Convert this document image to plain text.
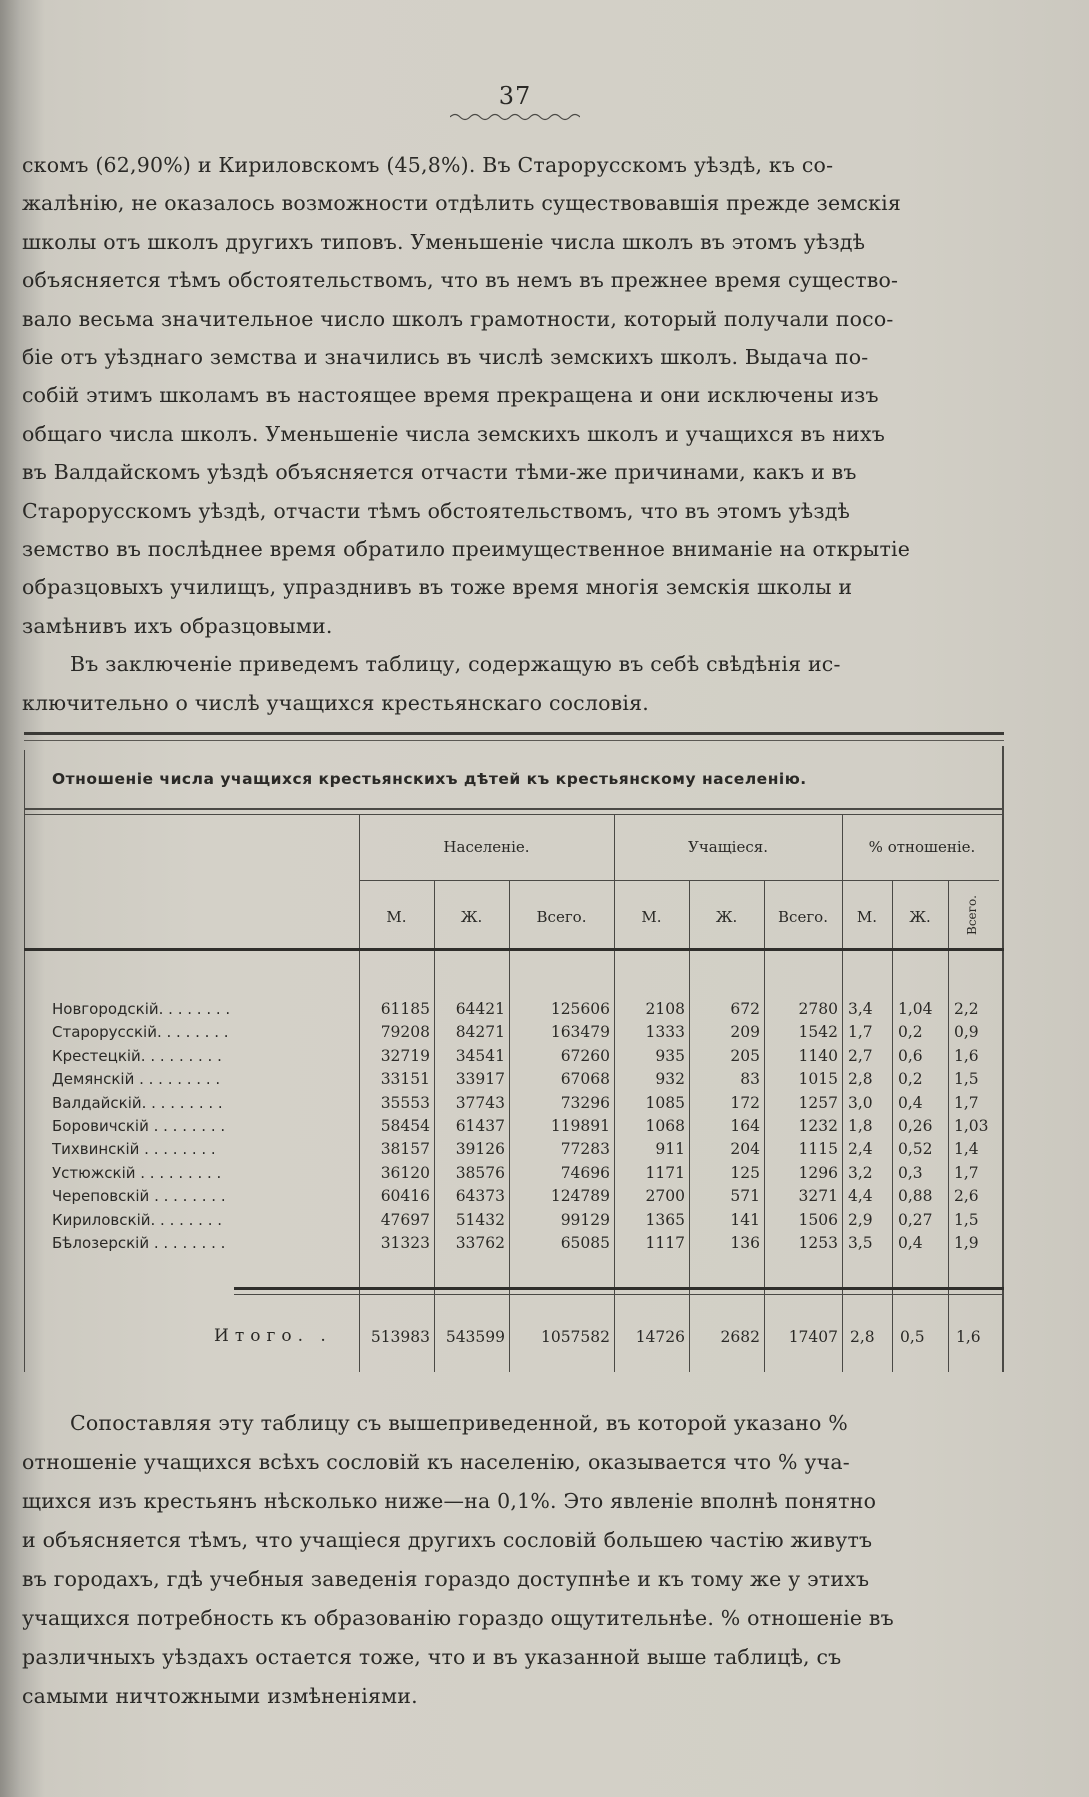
37

скомъ (62,90%) и Кириловскомъ (45,8%). Въ Старорусскомъ уѣздѣ, къ со-

жалѣнію, не оказалось возможности отдѣлить существовавшія прежде земскія

школы отъ школъ другихъ типовъ. Уменьшеніе числа школъ въ этомъ уѣздѣ

объясняется тѣмъ обстоятельствомъ, что въ немъ въ прежнее время существо-

вало весьма значительное число школъ грамотности, который получали посо-

біе отъ уѣзднаго земства и значились въ числѣ земскихъ школъ. Выдача по-

собій этимъ школамъ въ настоящее время прекращена и они исключены изъ

общаго числа школъ. Уменьшеніе числа земскихъ школъ и учащихся въ нихъ

въ Валдайскомъ уѣздѣ объясняется отчасти тѣми-же причинами, какъ и въ

Старорусскомъ уѣздѣ, отчасти тѣмъ обстоятельствомъ, что въ этомъ уѣздѣ

земство въ послѣднее время обратило преимущественное вниманіе на открытіе

образцовыхъ училищъ, упразднивъ въ тоже время многія земскія школы и

замѣнивъ ихъ образцовыми.

Въ заключеніе приведемъ таблицу, содержащую въ себѣ свѣдѣнія ис-

ключительно о числѣ учащихся крестьянскаго сословія.

Отношеніе числа учащихся крестьянскихъ дѣтей къ крестьянскому населенію.
Населеніе.	Учащіеся.	% отношеніе.
М.	Ж.	Всего.	М.	Ж.	Всего.	М.	Ж.	Всего.
Новгородскій. . . . . . . .	61185	64421	125606	2108	672	2780 3,4	1,04	2,2
Старорусскій. . . . . . . .	79208	84271	163479	1333	209	1542 1,7	0,2	0,9
Крестецкій. . . . . . . . .	32719	34541	67260	935	205	1140 2,7	0,6	1,6
Демянскій . . . . . . . . .	33151	33917	67068	932	83	1015 2,8	0,2	1,5
Валдайскій. . . . . . . . .	35553	37743	73296	1085	172	1257 3,0	0,4	1,7
Боровичскій . . . . . . . .	58454	61437	119891	1068	164	1232 1,8	0,26	1,03
Тихвинскій . . . . . . . .	38157	39126	77283	911	204	1115 2,4	0,52	1,4
Устюжскій . . . . . . . . .	36120	38576	74696	1171	125	1296 3,2	0,3	1,7
Череповскій . . . . . . . .	60416	64373	124789	2700	571	3271 4,4	0,88	2,6
Кириловскій. . . . . . . .	47697	51432	99129	1365	141	1506 2,9	0,27	1,5
Бѣлозерскій . . . . . . . .	31323	33762	65085	1117	136	1253 3,5	0,4	1,9
Итого. .	513983	543599	1057582	14726	2682	17407 2,8	0,5	1,6

Сопоставляя эту таблицу съ вышеприведенной, въ которой указано %

отношеніе учащихся всѣхъ сословій къ населенію, оказывается что % уча-

щихся изъ крестьянъ нѣсколько ниже—на 0,1%. Это явленіе вполнѣ понятно

и объясняется тѣмъ, что учащіеся другихъ сословій большею частію живутъ

въ городахъ, гдѣ учебныя заведенія гораздо доступнѣе и къ тому же у этихъ

учащихся потребность къ образованію гораздо ощутительнѣе. % отношеніе въ

различныхъ уѣздахъ остается тоже, что и въ указанной выше таблицѣ, съ

самыми ничтожными измѣненіями.
